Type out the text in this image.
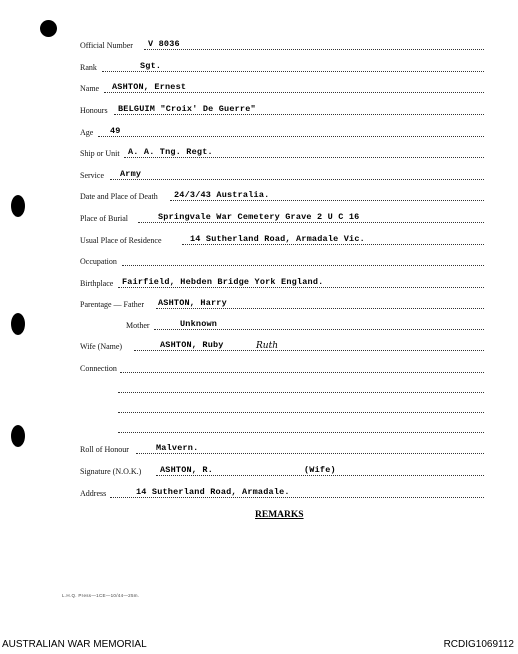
Official Number V 8036
Rank	Sgt.
Name ASHTON, Ernest
Honours BELGUIM "Croix' De Guerre"
Age 49
Ship or Unit A. A. Tng. Regt.
Service Army
Date and Place of Death 24/3/43 Australia.
Place of Burial	Springvale War Cemetery Grave 2 U C 16
Usual Place of Residence	14 Sutherland Road, Armadale Vic.
Occupation
Birthplace Fairfield, Hebden Bridge York England.
Parentage — Father ASHTON, Harry
Mother	Unknown
Wife (Name)	ASHTON, Ruby	Ruth
Connection
Roll of Honour	Malvern.
Signature (N.O.K.) ASHTON, R.	(Wife)
Address	14 Sutherland Road, Armadale.
REMARKS
L.H.Q. Press—1CE—10/44—25m.
AUSTRALIAN WAR MEMORIAL	RCDIG1069112
